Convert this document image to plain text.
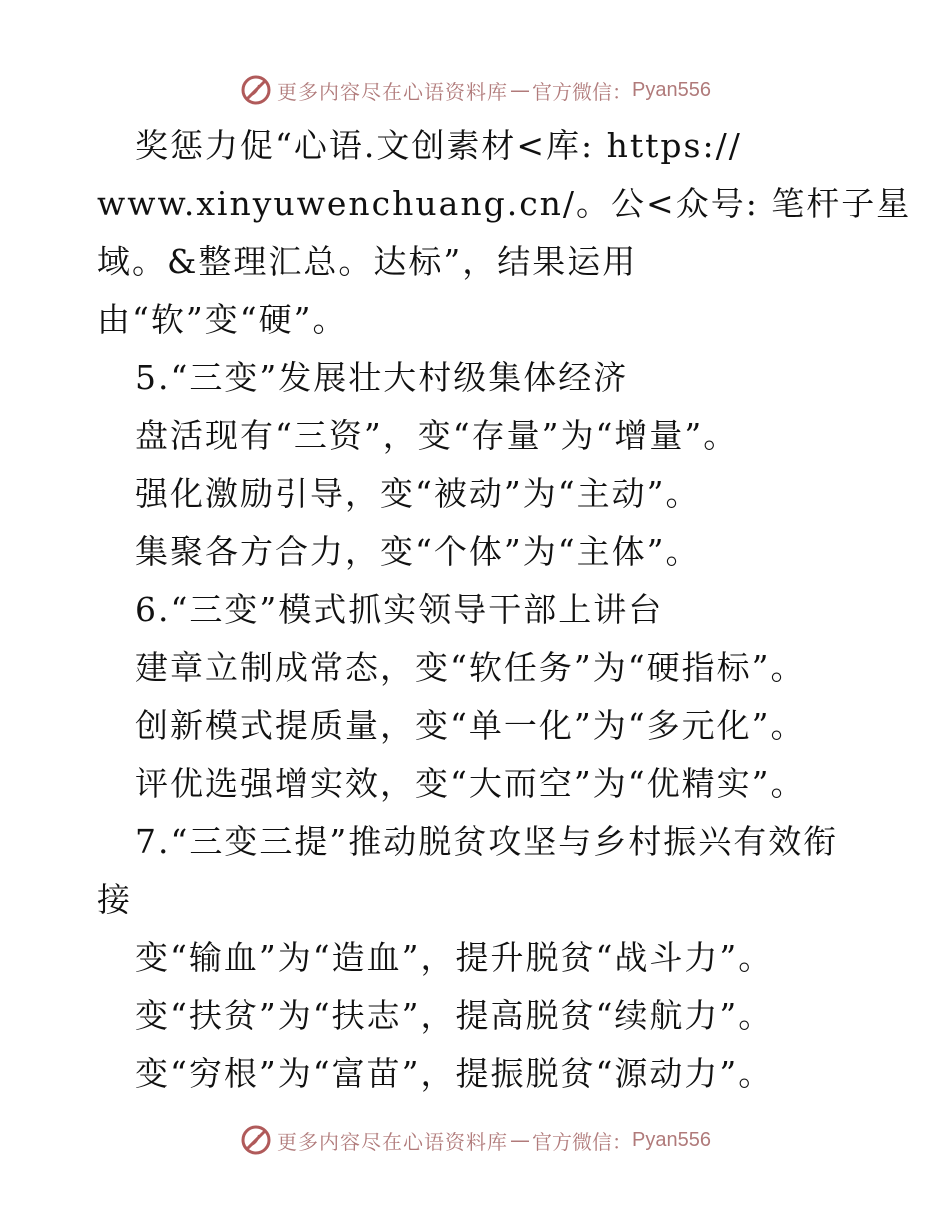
更多内容尽在心语资料库 — 官方微信： Pyan556
奖惩力促“心语.文创素材<库: https://
www.xinyuwenchuang.cn/。公<众号: 笔杆子星
域。&整理汇总。达标”，结果运用
由“软”变“硬”。
5.“三变”发展壮大村级集体经济
盘活现有“三资”，变“存量”为“增量”。
强化激励引导，变“被动”为“主动”。
集聚各方合力，变“个体”为“主体”。
6.“三变”模式抓实领导干部上讲台
建章立制成常态，变“软任务”为“硬指标”。
创新模式提质量，变“单一化”为“多元化”。
评优选强增实效，变“大而空”为“优精实”。
7.“三变三提”推动脱贫攻坚与乡村振兴有效衔
接
变“输血”为“造血”，提升脱贫“战斗力”。
变“扶贫”为“扶志”，提高脱贫“续航力”。
变“穷根”为“富苗”，提振脱贫“源动力”。
更多内容尽在心语资料库 — 官方微信： Pyan556
